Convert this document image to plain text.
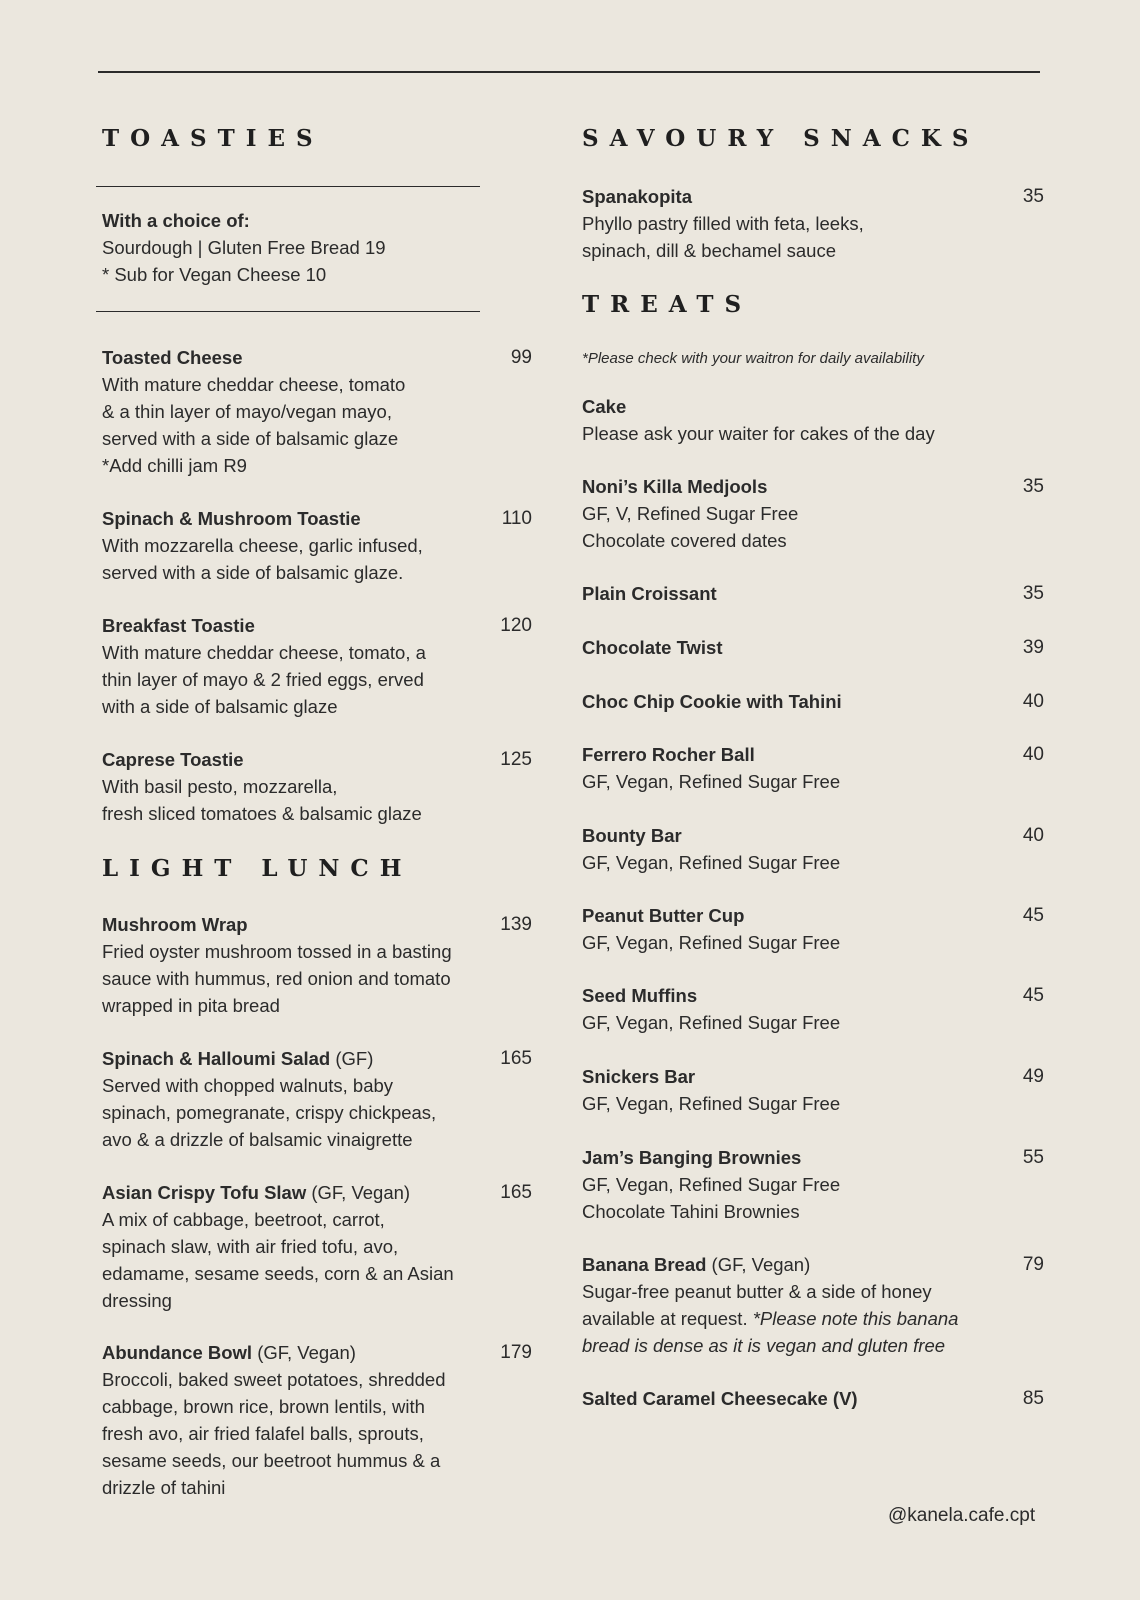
TOASTIES
With a choice of:
Sourdough | Gluten Free Bread 19
* Sub for Vegan Cheese 10
LIGHT LUNCH
Toasted Cheese
With mature cheddar cheese, tomato
& a thin layer of mayo/vegan mayo,
served with a side of balsamic glaze
*Add chilli jam R9
99
Spinach & Mushroom Toastie
With mozzarella cheese, garlic infused,
served with a side of balsamic glaze.
110
Breakfast Toastie
With mature cheddar cheese, tomato, a
thin layer of mayo & 2 fried eggs, erved
with a side of balsamic glaze
120
Caprese Toastie
With basil pesto, mozzarella,
fresh sliced tomatoes & balsamic glaze
125
Mushroom Wrap
Fried oyster mushroom tossed in a basting
sauce with hummus, red onion and tomato
wrapped in pita bread
139
Spinach & Halloumi Salad (GF)
Served with chopped walnuts, baby
spinach, pomegranate, crispy chickpeas,
avo & a drizzle of balsamic vinaigrette
165
Asian Crispy Tofu Slaw (GF, Vegan)
A mix of cabbage, beetroot, carrot,
spinach slaw, with air fried tofu, avo,
edamame, sesame seeds, corn & an Asian
dressing
165
Abundance Bowl (GF, Vegan)
Broccoli, baked sweet potatoes, shredded
cabbage, brown rice, brown lentils, with
fresh avo, air fried falafel balls, sprouts,
sesame seeds, our beetroot hummus & a
drizzle of tahini
179
SAVOURY SNACKS
TREATS
*Please check with your waitron for daily availability
Spanakopita
Phyllo pastry filled with feta, leeks,
spinach, dill & bechamel sauce
35
Cake
Please ask your waiter for cakes of the day
Noni’s Killa Medjools
GF, V, Refined Sugar Free
Chocolate covered dates
35
Plain Croissant	35
Chocolate Twist	39
Choc Chip Cookie with Tahini	40
Ferrero Rocher Ball
GF, Vegan, Refined Sugar Free
40
Bounty Bar
GF, Vegan, Refined Sugar Free
40
Peanut Butter Cup
GF, Vegan, Refined Sugar Free
45
Seed Muffins
GF, Vegan, Refined Sugar Free
45
Snickers Bar
GF, Vegan, Refined Sugar Free
49
Jam’s Banging Brownies
GF, Vegan, Refined Sugar Free
Chocolate Tahini Brownies
55
Banana Bread (GF, Vegan)
Sugar-free peanut butter & a side of honey
available at request. *Please note this banana
bread is dense as it is vegan and gluten free
79
Salted Caramel Cheesecake (V)	85
@kanela.cafe.cpt
